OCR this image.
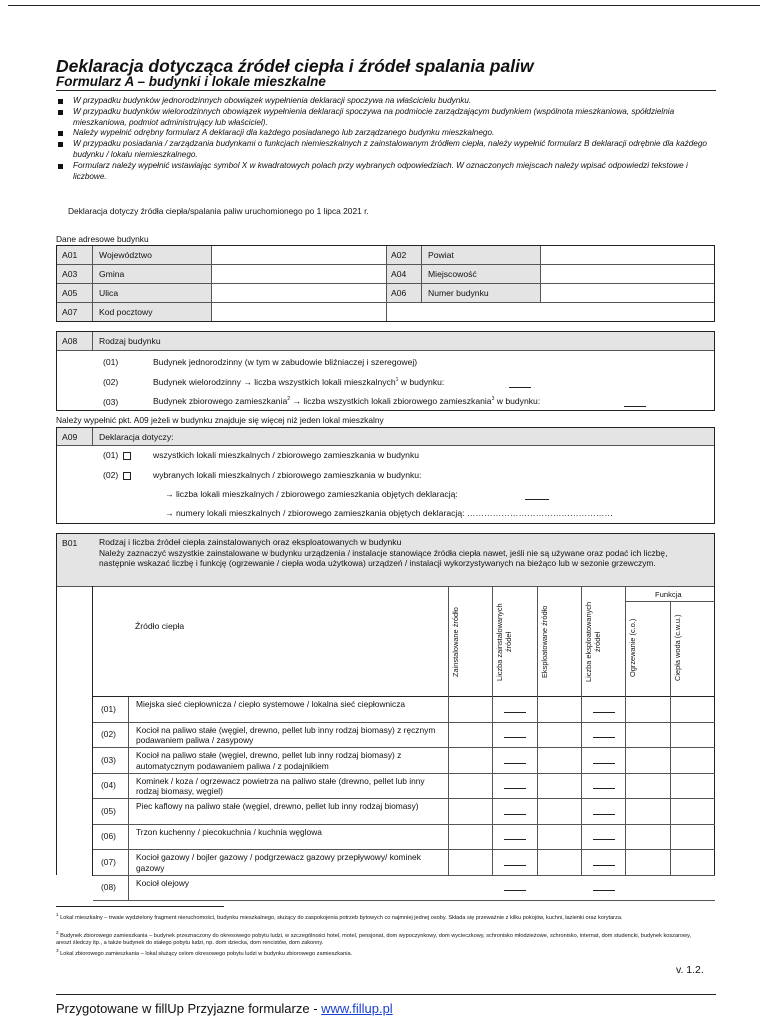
Deklaracja dotycząca źródeł ciepła i źródeł spalania paliw
Formularz A – budynki i lokale mieszkalne
W przypadku budynków jednorodzinnych obowiązek wypełnienia deklaracji spoczywa na właścicielu budynku.
W przypadku budynków wielorodzinnych obowiązek wypełnienia deklaracji spoczywa na podmiocie zarządzającym budynkiem (wspólnota mieszkaniowa, spółdzielnia mieszkaniowa, podmiot administrujący lub właściciel).
Należy wypełnić odrębny formularz A deklaracji dla każdego posiadanego lub zarządzanego budynku mieszkalnego.
W przypadku posiadania / zarządzania budynkami o funkcjach niemieszkalnych z zainstalowanym źródłem ciepła, należy wypełnić formularz B deklaracji odrębnie dla każdego budynku / lokalu niemieszkalnego.
Formularz należy wypełnić wstawiając symbol X w kwadratowych polach przy wybranych odpowiedziach. W oznaczonych miejscach należy wpisać odpowiedzi tekstowe i liczbowe.
Deklaracja dotyczy źródła ciepła/spalania paliw uruchomionego po 1 lipca 2021 r.
Dane adresowe budynku
A01	Województwo	A02	Powiat
A03	Gmina	A04	Miejscowość
A05	Ulica	A06	Numer budynku
A07	Kod pocztowy
A08	Rodzaj budynku
(01)	Budynek jednorodzinny (w tym w zabudowie bliźniaczej i szeregowej)
(02)	Budynek wielorodzinny → liczba wszystkich lokali mieszkalnych$^1$ w budynku:
(03)	Budynek zbiorowego zamieszkania$^2$ → liczba wszystkich lokali zbiorowego zamieszkania$^3$ w budynku:
Należy wypełnić pkt. A09 jeżeli w budynku znajduje się więcej niż jeden lokal mieszkalny
A09	Deklaracja dotyczy:
(01)	wszystkich lokali mieszkalnych / zbiorowego zamieszkania w budynku
(02)	wybranych lokali mieszkalnych / zbiorowego zamieszkania w budynku:
→ liczba lokali mieszkalnych / zbiorowego zamieszkania objętych deklaracją:
→ numery lokali mieszkalnych / zbiorowego zamieszkania objętych deklaracją: ……………………………………………
B01	Rodzaj i liczba źródeł ciepła zainstalowanych oraz eksploatowanych w budynku
Należy zaznaczyć wszystkie zainstalowane w budynku urządzenia / instalacje stanowiące źródła ciepła nawet, jeśli nie są używane oraz podać ich liczbę, następnie wskazać liczbę i funkcję (ogrzewanie / ciepła woda użytkowa) urządzeń / instalacji wykorzystywanych na bieżąco lub w sezonie grzewczym.
Źródło ciepła	Zainstalowane źródło	Liczba zainstalowanych źródeł	Eksploatowane źródło	Liczba eksploatowanych źródeł
Funkcja
Ogrzewanie (c.o.)	Ciepła woda (c.w.u.)
(01) Miejska sieć ciepłownicza / ciepło systemowe / lokalna sieć ciepłownicza
(02) Kocioł na paliwo stałe (węgiel, drewno, pellet lub inny rodzaj biomasy) z ręcznym podawaniem paliwa / zasypowy
(03) Kocioł na paliwo stałe (węgiel, drewno, pellet lub inny rodzaj biomasy) z automatycznym podawaniem paliwa / z podajnikiem
(04) Kominek / koza / ogrzewacz powietrza na paliwo stałe (drewno, pellet lub inny rodzaj biomasy, węgiel)
(05) Piec kaflowy na paliwo stałe (węgiel, drewno, pellet lub inny rodzaj biomasy)
(06) Trzon kuchenny / piecokuchnia / kuchnia węglowa
(07) Kocioł gazowy / bojler gazowy / podgrzewacz gazowy przepływowy/ kominek gazowy
(08) Kocioł olejowy
$^1$ Lokal mieszkalny – trwale wydzielony fragment nieruchomości, budynku mieszkalnego, służący do zaspokojenia potrzeb bytowych co najmniej jednej osoby. Składa się przeważnie z kilku pokojów, kuchni, łazienki oraz korytarza.
$^2$ Budynek zbiorowego zamieszkania – budynek przeznaczony do okresowego pobytu ludzi, w szczególności hotel, motel, pensjonat, dom wypoczynkowy, dom wycieczkowy, schronisko młodzieżowe, schronisko, internat, dom studencki, budynek koszarowy, areszt śledczy itp., a także budynek do stałego pobytu ludzi, np. dom dziecka, dom rencistów, dom zakonny.
$^3$ Lokal zbiorowego zamieszkania – lokal służący celom okresowego pobytu ludzi w budynku zbiorowego zamieszkania.
v. 1.2.
Przygotowane w fillUp Przyjazne formularze - www.fillup.pl
